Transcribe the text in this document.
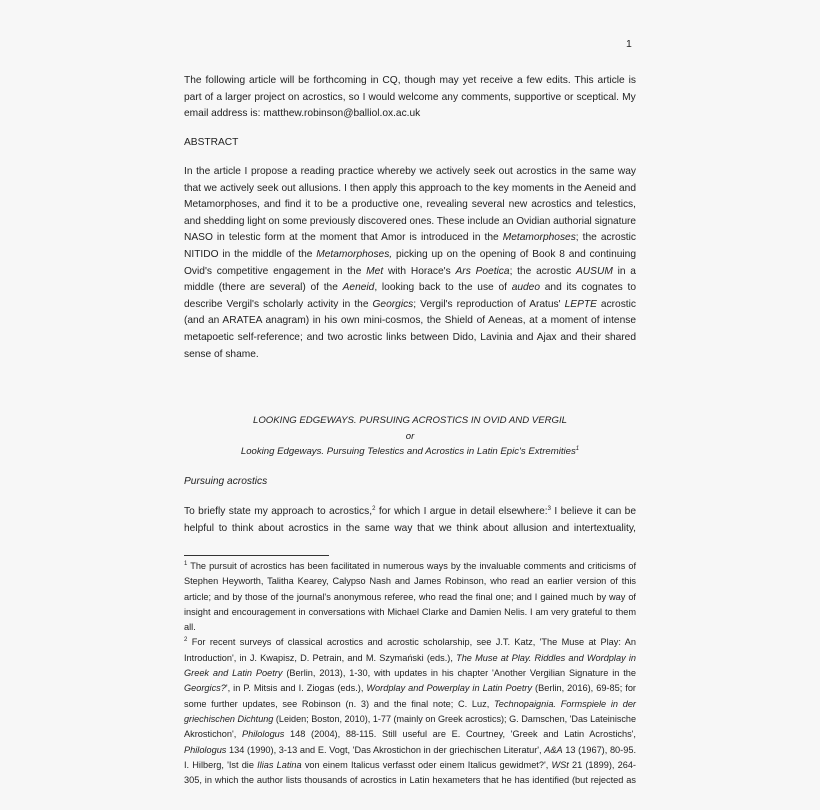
1
The following article will be forthcoming in CQ, though may yet receive a few edits. This article is
part of a larger project on acrostics, so I would welcome any comments, supportive or sceptical. My
email address is: matthew.robinson@balliol.ox.ac.uk
ABSTRACT
In the article I propose a reading practice whereby we actively seek out acrostics in the same way
that we actively seek out allusions. I then apply this approach to the key moments in the Aeneid and
Metamorphoses, and find it to be a productive one, revealing several new acrostics and telestics,
and shedding light on some previously discovered ones. These include an Ovidian authorial signature
NASO in telestic form at the moment that Amor is introduced in the Metamorphoses; the acrostic
NITIDO in the middle of the Metamorphoses, picking up on the opening of Book 8 and continuing
Ovid's competitive engagement in the Met with Horace's Ars Poetica; the acrostic AUSUM in a
middle (there are several) of the Aeneid, looking back to the use of audeo and its cognates to
describe Vergil's scholarly activity in the Georgics; Vergil's reproduction of Aratus' LEPTE acrostic
(and an ARATEA anagram) in his own mini-cosmos, the Shield of Aeneas, at a moment of intense
metapoetic self-reference; and two acrostic links between Dido, Lavinia and Ajax and their shared
sense of shame.
LOOKING EDGEWAYS. PURSUING ACROSTICS IN OVID AND VERGIL
or
Looking Edgeways. Pursuing Telestics and Acrostics in Latin Epic's Extremities$^1$
Pursuing acrostics
To briefly state my approach to acrostics,$^2$ for which I argue in detail elsewhere:$^3$ I believe it can be
helpful to think about acrostics in the same way that we think about allusion and intertextuality,
$^1$ The pursuit of acrostics has been facilitated in numerous ways by the invaluable comments and criticisms of
Stephen Heyworth, Talitha Kearey, Calypso Nash and James Robinson, who read an earlier version of this
article; and by those of the journal's anonymous referee, who read the final one; and I gained much by way of
insight and encouragement in conversations with Michael Clarke and Damien Nelis. I am very grateful to them
all.
$^2$ For recent surveys of classical acrostics and acrostic scholarship, see J.T. Katz, 'The Muse at Play: An
Introduction', in J. Kwapisz, D. Petrain, and M. Szymański (eds.), The Muse at Play. Riddles and Wordplay in
Greek and Latin Poetry (Berlin, 2013), 1-30, with updates in his chapter 'Another Vergilian Signature in the
Georgics?', in P. Mitsis and I. Ziogas (eds.), Wordplay and Powerplay in Latin Poetry (Berlin, 2016), 69-85; for
some further updates, see Robinson (n. 3) and the final note; C. Luz, Technopaignia. Formspiele in der
griechischen Dichtung (Leiden; Boston, 2010), 1-77 (mainly on Greek acrostics); G. Damschen, 'Das Lateinische
Akrostichon', Philologus 148 (2004), 88-115. Still useful are E. Courtney, 'Greek and Latin Acrostichs',
Philologus 134 (1990), 3-13 and E. Vogt, 'Das Akrostichon in der griechischen Literatur', A&A 13 (1967), 80-95.
I. Hilberg, 'Ist die Ilias Latina von einem Italicus verfasst oder einem Italicus gewidmet?', WSt 21 (1899), 264-
305, in which the author lists thousands of acrostics in Latin hexameters that he has identified (but rejected as
